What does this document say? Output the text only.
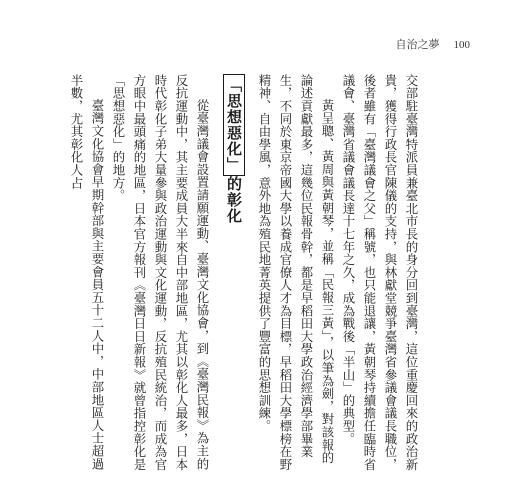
自治之夢 100

交部駐臺灣特派員兼臺北市長的身分回到臺灣，這位重慶回來的政治新貴，獲得行政長官陳儀的支持，與林獻堂競爭臺灣省參議會議長職位，後者雖有「臺灣議會之父」稱號，也只能退讓，黃朝琴持續擔任臨時省議會、臺灣省議會議長達十七年之久，成為戰後「半山」的典型。

黃呈聰、黃周與黃朝琴，並稱「民報三黃」，以筆為劍，對該報的論述貢獻最多，這幾位民報骨幹，都是早稻田大學政治經濟學部畢業生，不同於東京帝國大學以養成官僚人才為目標，早稻田大學標榜在野精神、自由學風，意外地為殖民地菁英提供了豐富的思想訓練。

「思想惡化」的彰化

從臺灣議會設置請願運動、臺灣文化協會，到《臺灣民報》為主的反抗運動中，其主要成員大半來自中部地區，尤其以彰化人最多，日本時代彰化子弟大量參與政治運動與文化運動，反抗殖民統治，而成為官方眼中最頭痛的地區，日本官方報刊《臺灣日日新報》就曾指控彰化是「思想惡化」的地方。

臺灣文化協會早期幹部與主要會員五十二人中，中部地區人士超過半數，尤其彰化人占
